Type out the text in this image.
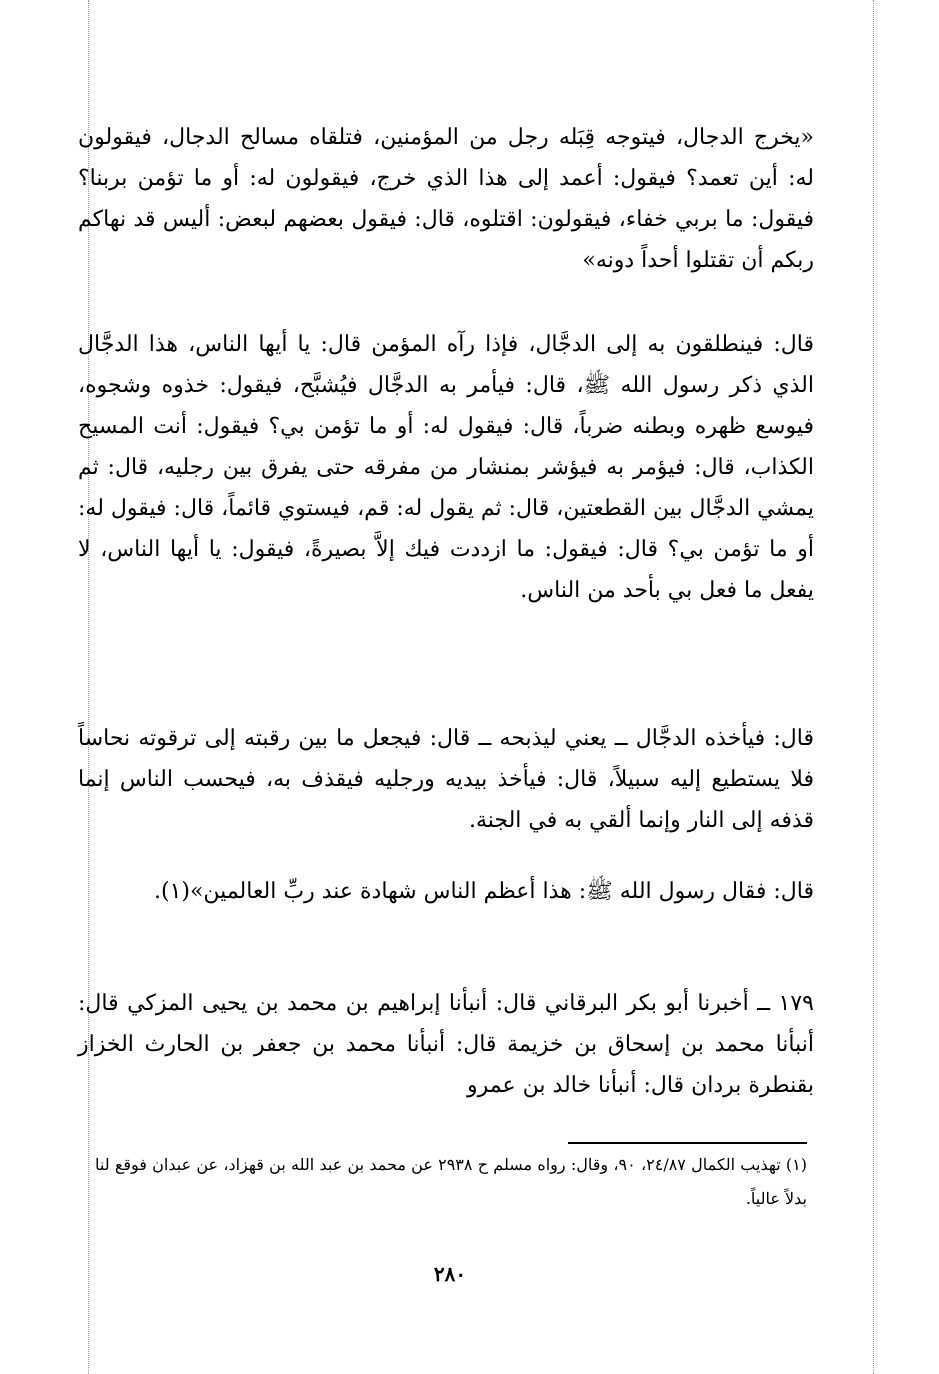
«يخرج الدجال، فيتوجه قِبَله رجل من المؤمنين، فتلقاه مسالح الدجال، فيقولون له: أين تعمد؟ فيقول: أعمد إلى هذا الذي خرج، فيقولون له: أو ما تؤمن بربنا؟ فيقول: ما بربي خفاء، فيقولون: اقتلوه، قال: فيقول بعضهم لبعض: أليس قد نهاكم ربكم أن تقتلوا أحداً دونه»

قال: فينطلقون به إلى الدجَّال، فإذا رآه المؤمن قال: يا أيها الناس، هذا الدجَّال الذي ذكر رسول الله ﷺ، قال: فيأمر به الدجَّال فيُشبَّح، فيقول: خذوه وشجوه، فيوسع ظهره وبطنه ضرباً، قال: فيقول له: أو ما تؤمن بي؟ فيقول: أنت المسيح الكذاب، قال: فيؤمر به فيؤشر بمنشار من مفرقه حتى يفرق بين رجليه، قال: ثم يمشي الدجَّال بين القطعتين، قال: ثم يقول له: قم، فيستوي قائماً، قال: فيقول له: أو ما تؤمن بي؟ قال: فيقول: ما ازددت فيك إلاَّ بصيرةً، فيقول: يا أيها الناس، لا يفعل ما فعل بي بأحد من الناس.

قال: فيأخذه الدجَّال ــ يعني ليذبحه ــ قال: فيجعل ما بين رقبته إلى ترقوته نحاساً فلا يستطيع إليه سبيلاً، قال: فيأخذ بيديه ورجليه فيقذف به، فيحسب الناس إنما قذفه إلى النار وإنما ألقي به في الجنة.

قال: فقال رسول الله ﷺ: هذا أعظم الناس شهادة عند ربِّ العالمين»(١).

١٧٩ ــ أخبرنا أبو بكر البرقاني قال: أنبأنا إبراهيم بن محمد بن يحيى المزكي قال: أنبأنا محمد بن إسحاق بن خزيمة قال: أنبأنا محمد بن جعفر بن الحارث الخزاز بقنطرة بردان قال: أنبأنا خالد بن عمرو

(١) تهذيب الكمال ٢٤/٨٧، ٩٠، وقال: رواه مسلم ح ٢٩٣٨ عن محمد بن عبد الله بن قهزاد، عن عبدان فوقع لنا بدلاً عالياً.

٢٨٠
